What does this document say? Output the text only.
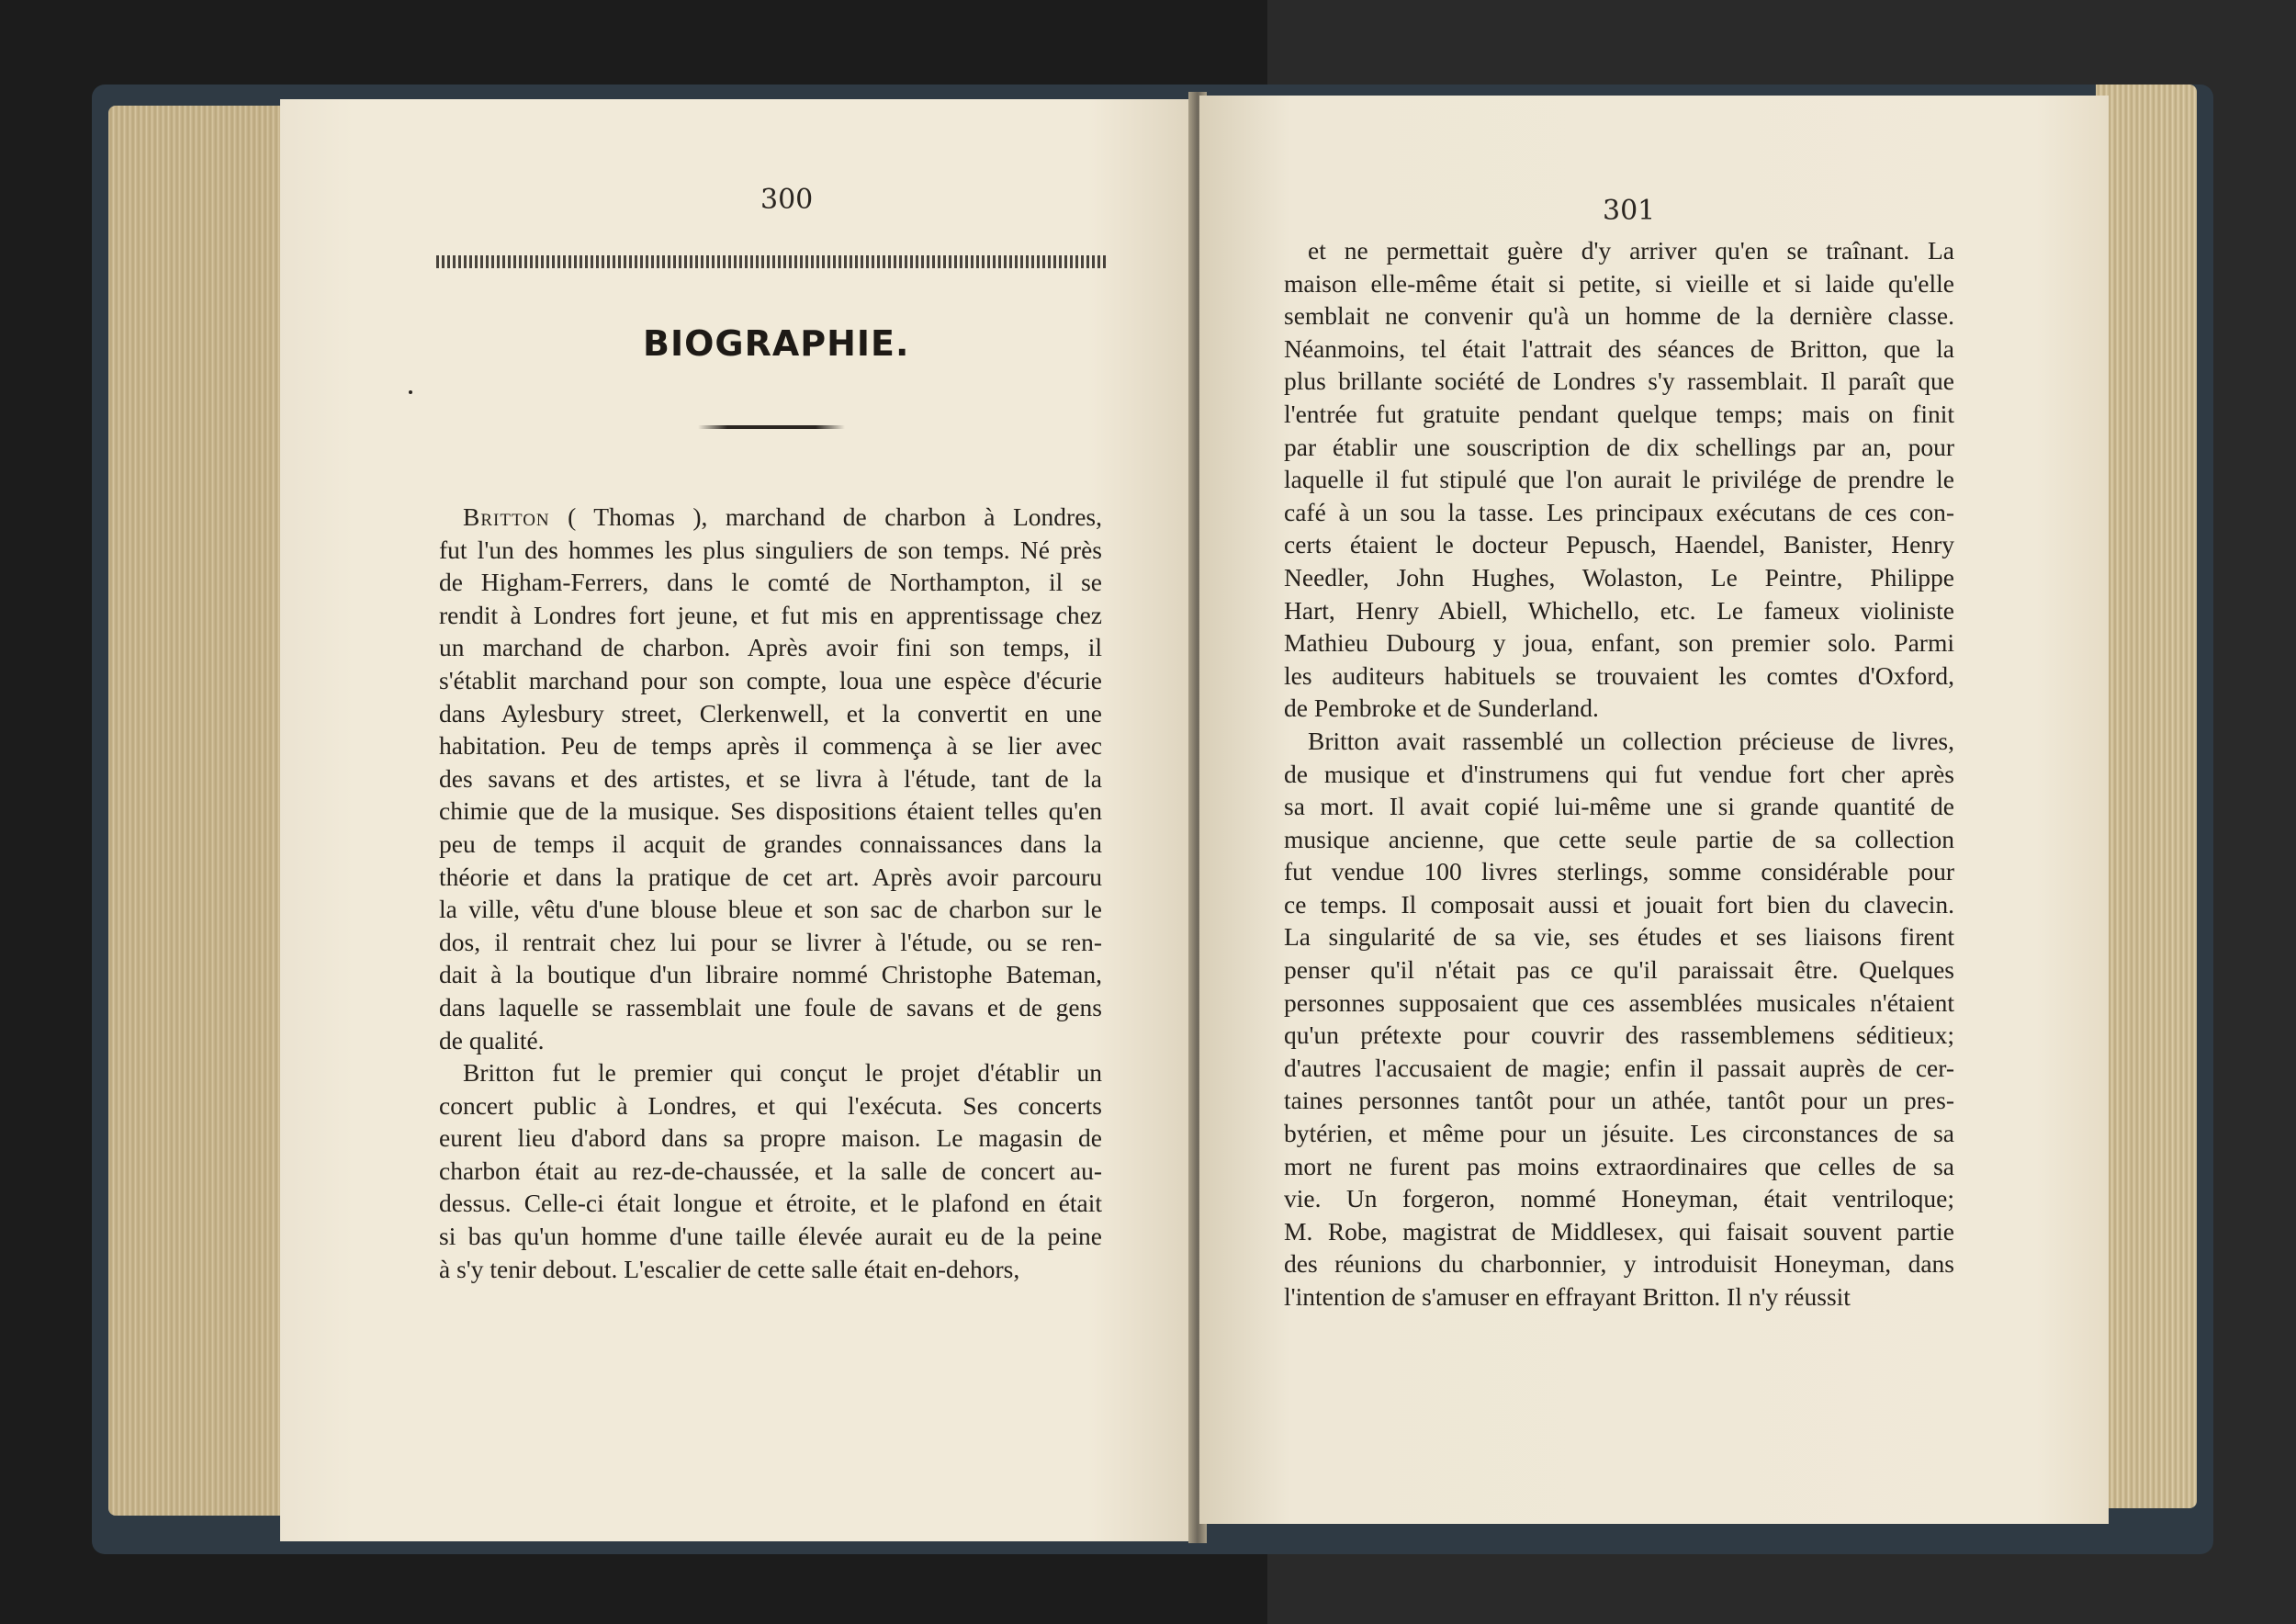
300
BIOGRAPHIE.

Britton ( Thomas ), marchand de charbon à Londres,

fut l'un des hommes les plus singuliers de son temps. Né près

de Higham-Ferrers, dans le comté de Northampton, il se

rendit à Londres fort jeune, et fut mis en apprentissage chez

un marchand de charbon. Après avoir fini son temps, il

s'établit marchand pour son compte, loua une espèce d'écurie

dans Aylesbury street, Clerkenwell, et la convertit en une

habitation. Peu de temps après il commença à se lier avec

des savans et des artistes, et se livra à l'étude, tant de la

chimie que de la musique. Ses dispositions étaient telles qu'en

peu de temps il acquit de grandes connaissances dans la

théorie et dans la pratique de cet art. Après avoir parcouru

la ville, vêtu d'une blouse bleue et son sac de charbon sur le

dos, il rentrait chez lui pour se livrer à l'étude, ou se ren-

dait à la boutique d'un libraire nommé Christophe Bateman,

dans laquelle se rassemblait une foule de savans et de gens

de qualité.

Britton fut le premier qui conçut le projet d'établir un

concert public à Londres, et qui l'exécuta. Ses concerts

eurent lieu d'abord dans sa propre maison. Le magasin de

charbon était au rez-de-chaussée, et la salle de concert au-

dessus. Celle-ci était longue et étroite, et le plafond en était

si bas qu'un homme d'une taille élevée aurait eu de la peine

à s'y tenir debout. L'escalier de cette salle était en-dehors,

301

et ne permettait guère d'y arriver qu'en se traînant. La

maison elle-même était si petite, si vieille et si laide qu'elle

semblait ne convenir qu'à un homme de la dernière classe.

Néanmoins, tel était l'attrait des séances de Britton, que la

plus brillante société de Londres s'y rassemblait. Il paraît que

l'entrée fut gratuite pendant quelque temps; mais on finit

par établir une souscription de dix schellings par an, pour

laquelle il fut stipulé que l'on aurait le privilége de prendre le

café à un sou la tasse. Les principaux exécutans de ces con-

certs étaient le docteur Pepusch, Haendel, Banister, Henry

Needler, John Hughes, Wolaston, Le Peintre, Philippe

Hart, Henry Abiell, Whichello, etc. Le fameux violiniste

Mathieu Dubourg y joua, enfant, son premier solo. Parmi

les auditeurs habituels se trouvaient les comtes d'Oxford,

de Pembroke et de Sunderland.

Britton avait rassemblé un collection précieuse de livres,

de musique et d'instrumens qui fut vendue fort cher après

sa mort. Il avait copié lui-même une si grande quantité de

musique ancienne, que cette seule partie de sa collection

fut vendue 100 livres sterlings, somme considérable pour

ce temps. Il composait aussi et jouait fort bien du clavecin.

La singularité de sa vie, ses études et ses liaisons firent

penser qu'il n'était pas ce qu'il paraissait être. Quelques

personnes supposaient que ces assemblées musicales n'étaient

qu'un prétexte pour couvrir des rassemblemens séditieux;

d'autres l'accusaient de magie; enfin il passait auprès de cer-

taines personnes tantôt pour un athée, tantôt pour un pres-

bytérien, et même pour un jésuite. Les circonstances de sa

mort ne furent pas moins extraordinaires que celles de sa

vie. Un forgeron, nommé Honeyman, était ventriloque;

M. Robe, magistrat de Middlesex, qui faisait souvent partie

des réunions du charbonnier, y introduisit Honeyman, dans

l'intention de s'amuser en effrayant Britton. Il n'y réussit
